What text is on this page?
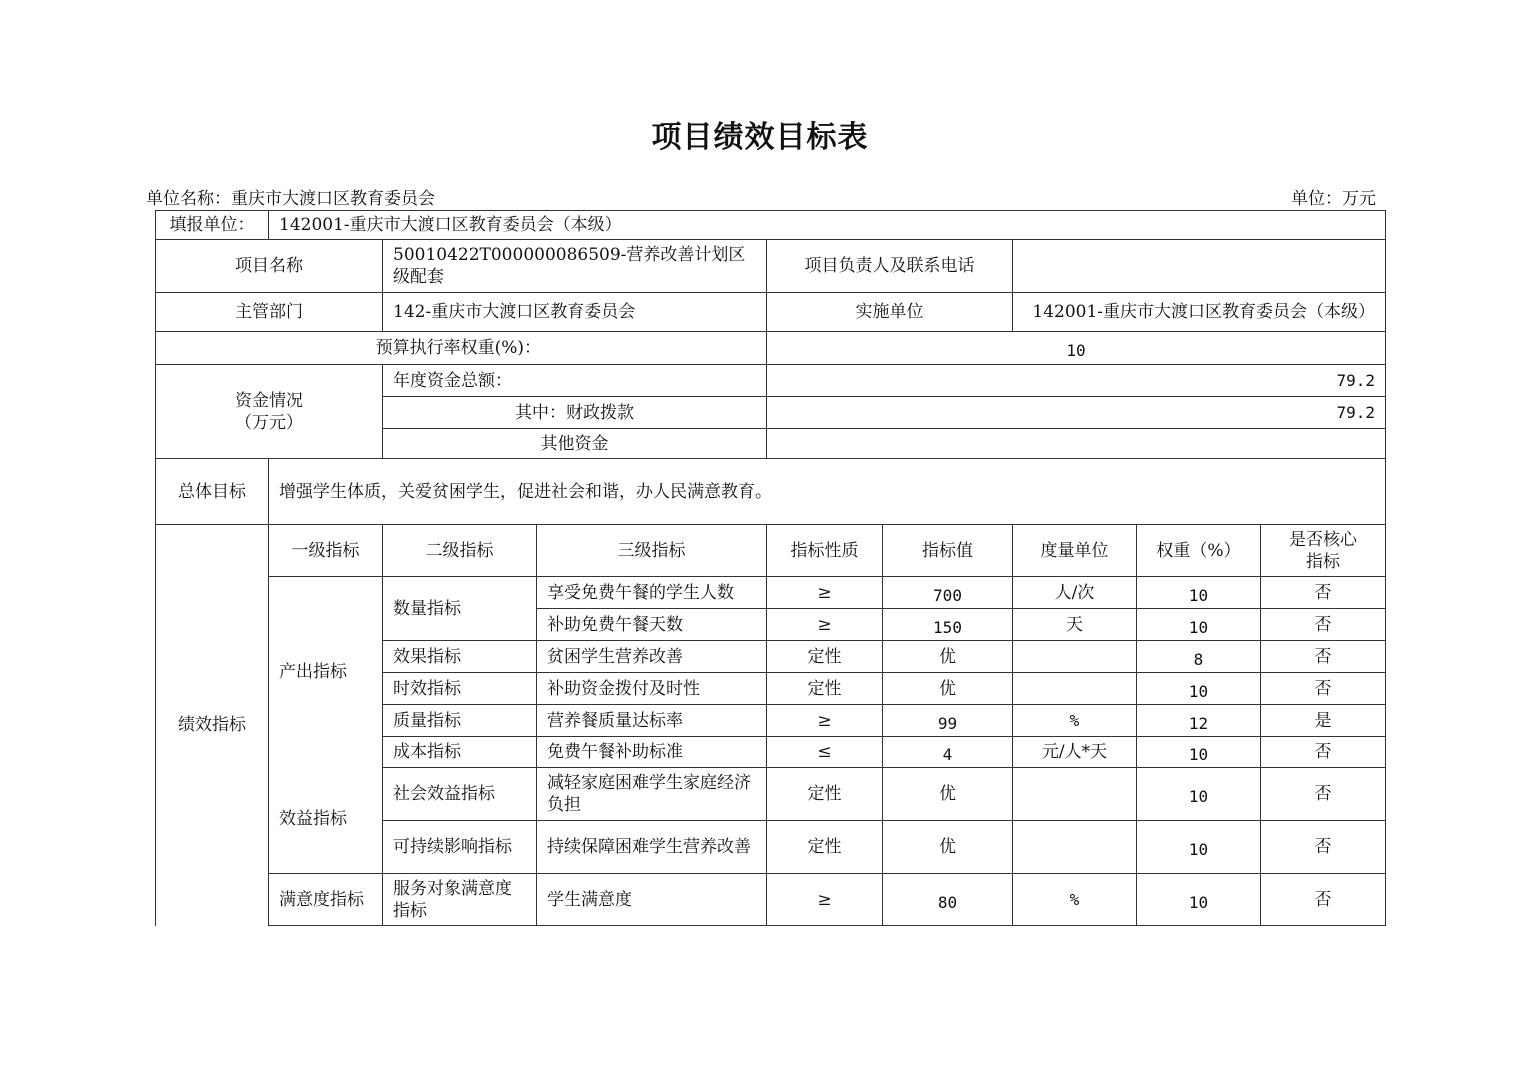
项目绩效目标表
单位名称：重庆市大渡口区教育委员会	单位：万元
填报单位：	142001-重庆市大渡口区教育委员会（本级）							
项目名称		50010422T000000086509-营养改善计划区级配套		项目负责人及联系电话				
主管部门		142-重庆市大渡口区教育委员会		实施单位		142001-重庆市大渡口区教育委员会（本级）		
预算执行率权重(%)：				10				

资金情况
（万元）		年度资金总额：		79.2				
		其中：财政拨款		79.2				
		其他资金						
总体目标	增强学生体质，关爱贫困学生，促进社会和谐，办人民满意教育。							
绩效指标	一级指标	二级指标	三级指标	指标性质	指标值	度量单位	权重（%）	是否核心指标
	产出指标	数量指标	享受免费午餐的学生人数	≥	700	人/次	10	否
			补助免费午餐天数	≥	150	天	10	否
		效果指标	贫困学生营养改善	定性	优		8	否
		时效指标	补助资金拨付及时性	定性	优		10	否
		质量指标	营养餐质量达标率	≥	99	%	12	是
		成本指标	免费午餐补助标准	≤	4	元/人*天	10	否
	效益指标	社会效益指标	减轻家庭困难学生家庭经济负担	定性	优		10	否
		可持续影响指标	持续保障困难学生营养改善	定性	优		10	否
	满意度指标	服务对象满意度指标	学生满意度	≥	80	%	10	否
